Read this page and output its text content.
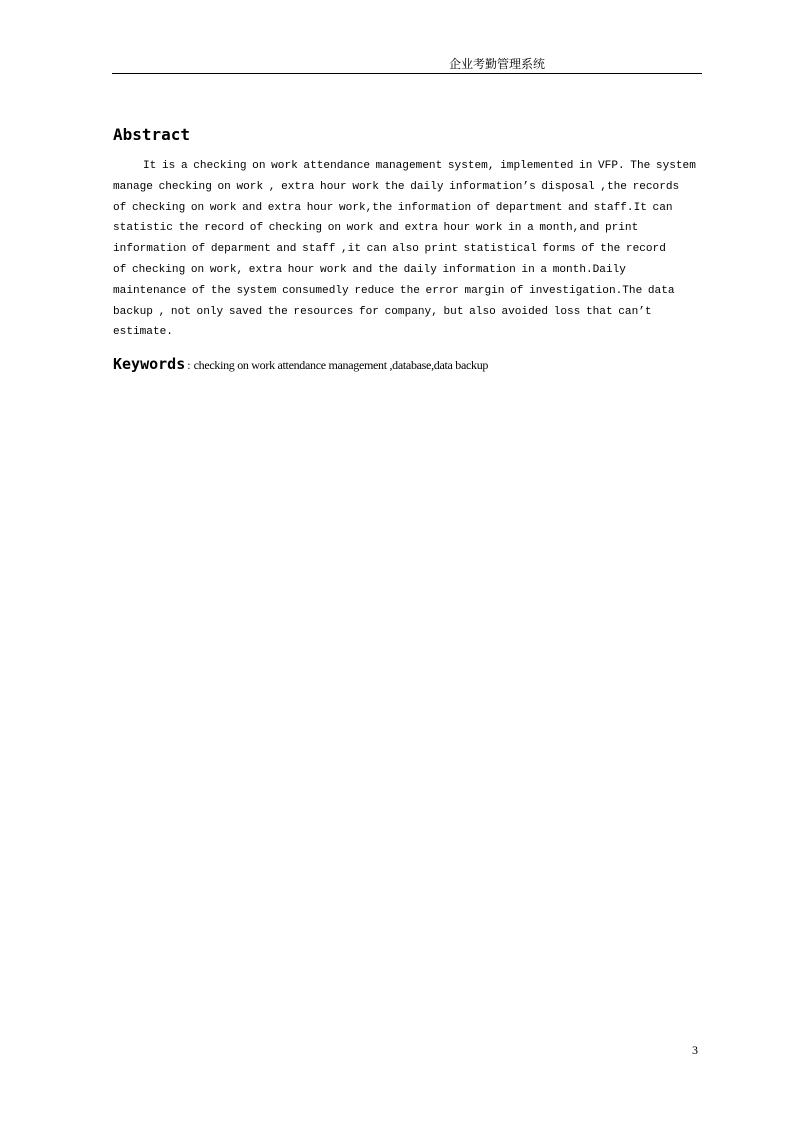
企业考勤管理系统
Abstract
It is a checking on work attendance management system, implemented in VFP. The system
manage checking on work , extra hour work the daily information’s disposal ,the records
of checking on work and extra hour work,the information of department and staff.It can
statistic the record of checking on work and extra hour work in a month,and print
information of deparment and staff ,it can also print statistical forms of the record
of checking on work, extra hour work and the daily information in a month.Daily
maintenance of the system consumedly reduce the error margin of investigation.The data
backup , not only saved the resources for company, but also avoided loss that can’t
estimate.
Keywords : checking on work attendance management ,database,data backup
3
